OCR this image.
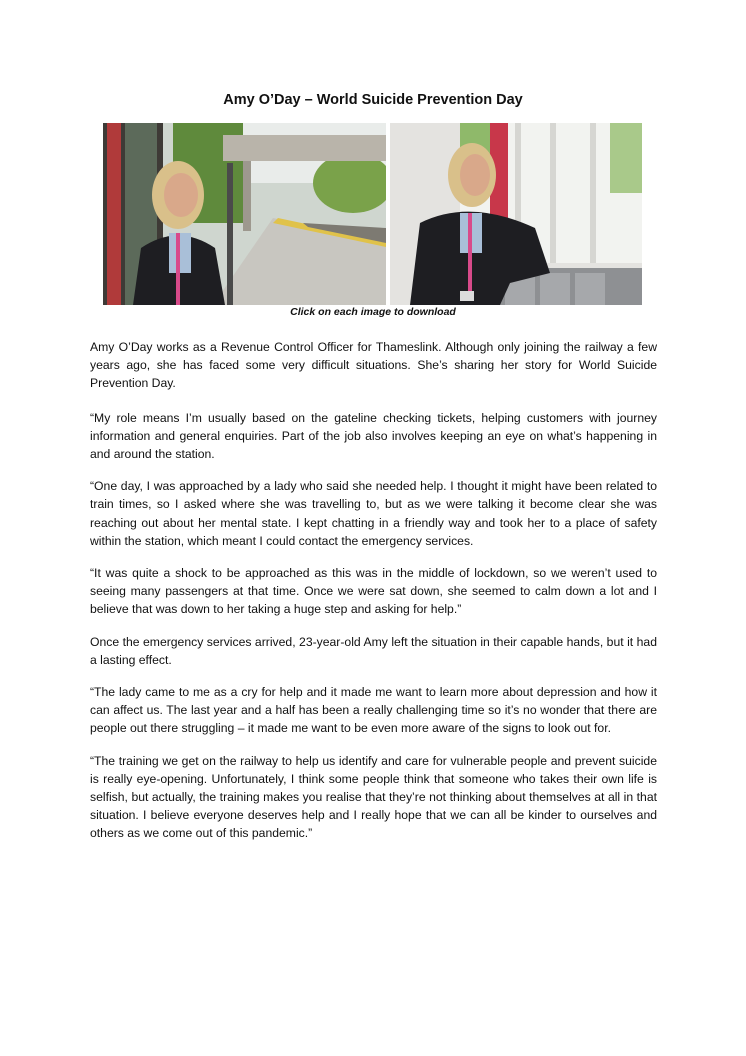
Amy O’Day – World Suicide Prevention Day
Click on each image to download

Amy O’Day works as a Revenue Control Officer for Thameslink. Although only joining the railway a few years ago, she has faced some very difficult situations. She’s sharing her story for World Suicide Prevention Day.

“My role means I’m usually based on the gateline checking tickets, helping customers with journey information and general enquiries. Part of the job also involves keeping an eye on what’s happening in and around the station.

“One day, I was approached by a lady who said she needed help. I thought it might have been related to train times, so I asked where she was travelling to, but as we were talking it become clear she was reaching out about her mental state. I kept chatting in a friendly way and took her to a place of safety within the station, which meant I could contact the emergency services.

“It was quite a shock to be approached as this was in the middle of lockdown, so we weren’t used to seeing many passengers at that time. Once we were sat down, she seemed to calm down a lot and I believe that was down to her taking a huge step and asking for help.”

Once the emergency services arrived, 23-year-old Amy left the situation in their capable hands, but it had a lasting effect.

“The lady came to me as a cry for help and it made me want to learn more about depression and how it can affect us. The last year and a half has been a really challenging time so it’s no wonder that there are people out there struggling – it made me want to be even more aware of the signs to look out for.

“The training we get on the railway to help us identify and care for vulnerable people and prevent suicide is really eye-opening. Unfortunately, I think some people think that someone who takes their own life is selfish, but actually, the training makes you realise that they’re not thinking about themselves at all in that situation. I believe everyone deserves help and I really hope that we can all be kinder to ourselves and others as we come out of this pandemic.”
